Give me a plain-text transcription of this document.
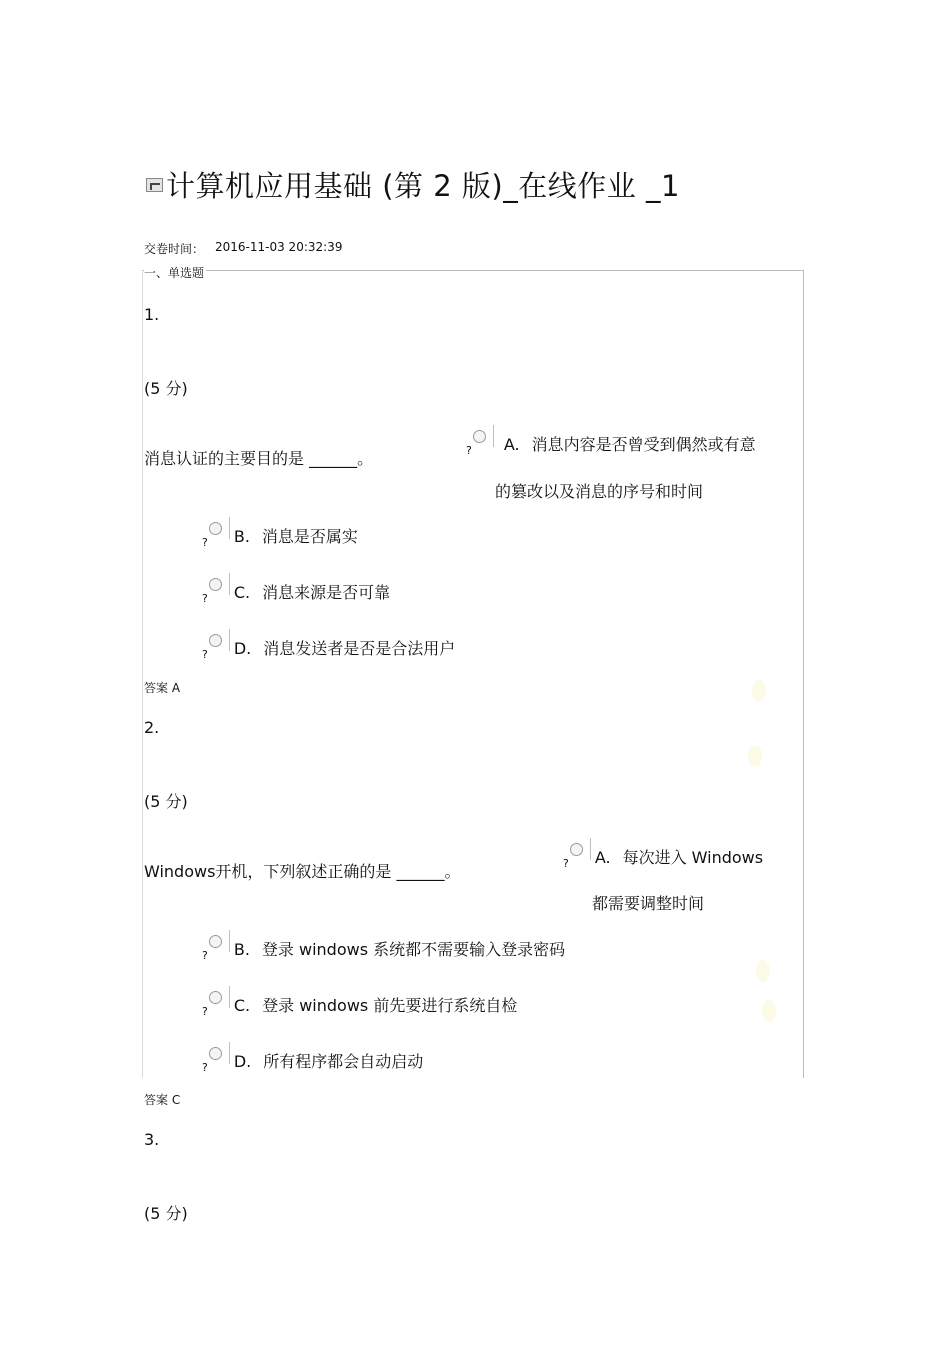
计算机应用基础 (第 2 版)_在线作业 _1
交卷时间： 2016-11-03 20:32:39
一、单选题
1.
(5 分)
消息认证的主要目的是 ______。	$_?$ A. 消息内容是否曾受到偶然或有意
的篡改以及消息的序号和时间
$_?$ B. 消息是否属实
$_?$ C. 消息来源是否可靠
$_?$ D. 消息发送者是否是合法用户
答案 A
2.
(5 分)
Windows开机，下列叙述正确的是 ______。	$_?$ A. 每次进入 Windows
都需要调整时间
$_?$ B. 登录 windows 系统都不需要输入登录密码
$_?$ C. 登录 windows 前先要进行系统自检
$_?$ D. 所有程序都会自动启动
答案 C
3.
(5 分)
